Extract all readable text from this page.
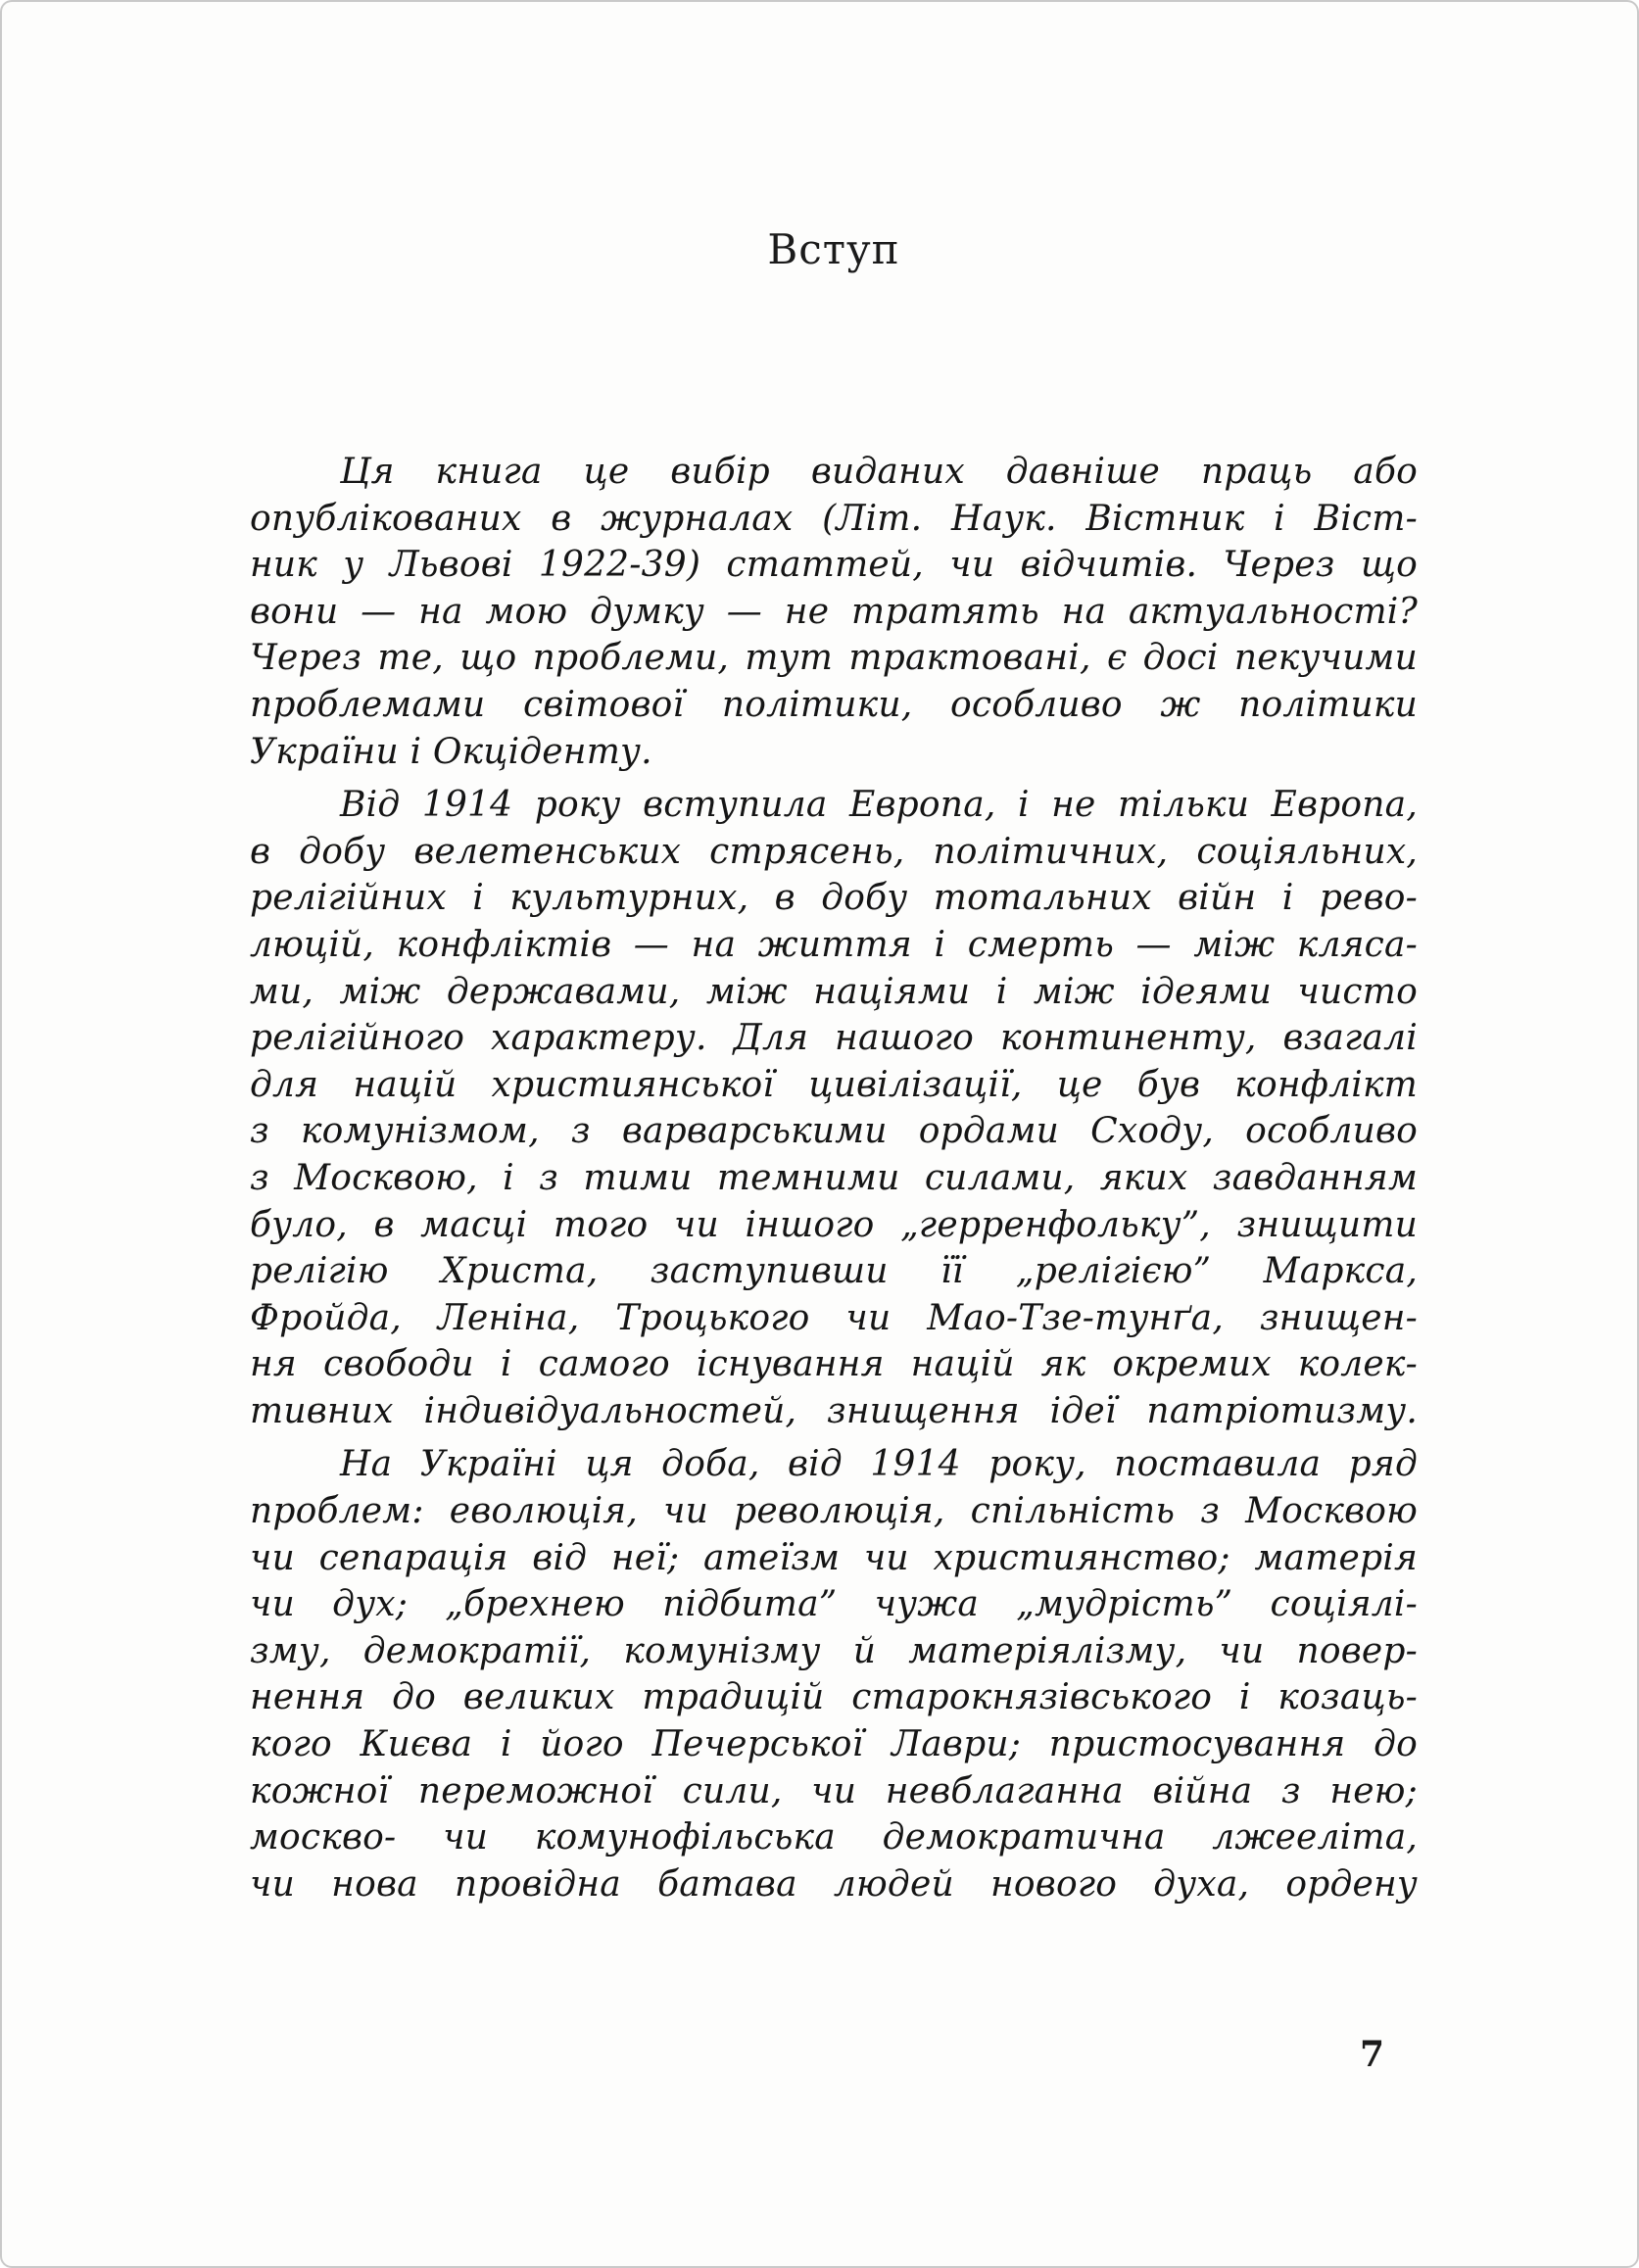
Вступ
Ця книга це вибір виданих давніше праць або
опублікованих в журналах (Літ. Наук. Вістник і Віст-
ник у Львові 1922-39) статтей, чи відчитів. Через що
вони — на мою думку — не тратять на актуальності?
Через те, що проблеми, тут трактовані, є досі пекучими
проблемами світової політики, особливо ж політики
України і Окціденту.
Від 1914 року вступила Европа, і не тільки Европа,
в добу велетенських стрясень, політичних, соціяльних,
релігійних і культурних, в добу тотальних війн і рево-
люцій, конфліктів — на життя і смерть — між кляса-
ми, між державами, між націями і між ідеями чисто
релігійного характеру. Для нашого континенту, взагалі
для націй християнської цивілізації, це був конфлікт
з комунізмом, з варварськими ордами Сходу, особливо
з Москвою, і з тими темними силами, яких завданням
було, в масці того чи іншого „герренфольку”, знищити
релігію Христа, заступивши її „релігією” Маркса,
Фройда, Леніна, Троцького чи Мао-Тзе-тунґа, знищен-
ня свободи і самого існування націй як окремих колек-
тивних індивідуальностей, знищення ідеї патріотизму.
На Україні ця доба, від 1914 року, поставила ряд
проблем: еволюція, чи революція, спільність з Москвою
чи сепарація від неї; атеїзм чи християнство; матерія
чи дух; „брехнею підбита” чужа „мудрість” соціялі-
зму, демократії, комунізму й матеріялізму, чи повер-
нення до великих традицій старокнязівського і козаць-
кого Києва і його Печерської Лаври; пристосування до
кожної переможної сили, чи невблаганна війна з нею;
москво- чи комунофільська демократична лжееліта,
чи нова провідна батава людей нового духа, ордену
7
